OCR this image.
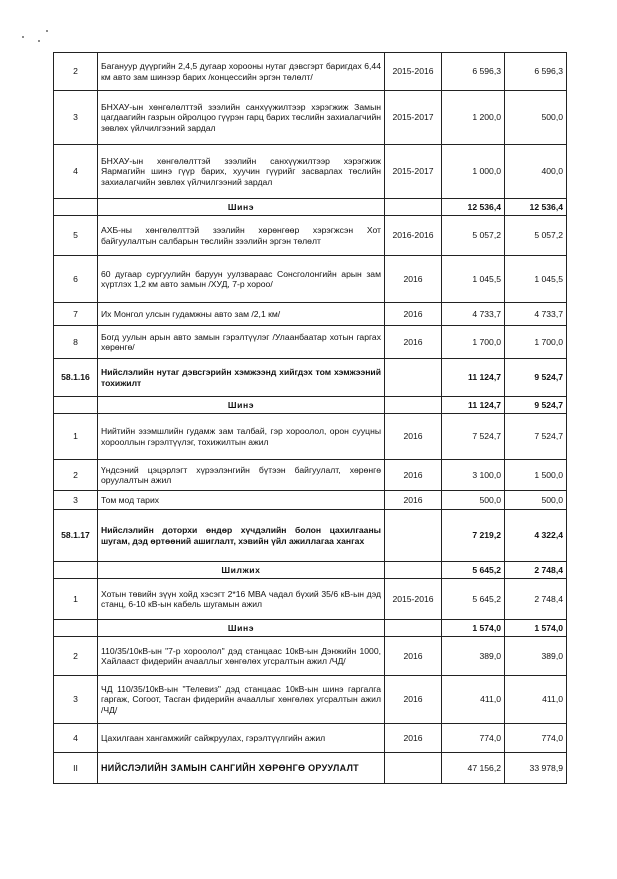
2	Багануур дүүргийн 2,4,5 дугаар хорооны нутаг дэвсгэрт баригдах 6,44 км авто зам шинээр барих /концессийн эргэн төлөлт/	2015-2016	6 596,3	6 596,3
3	БНХАУ-ын хөнгөлөлттэй зээлийн санхүүжилтээр хэрэгжиж Замын цагдаагийн газрын ойролцоо гүүрэн гарц барих төслийн захиалагчийн зөвлөх үйлчилгээний зардал	2015-2017	1 200,0	500,0
4	БНХАУ-ын хөнгөлөлттэй зээлийн санхүүжилтээр хэрэгжиж Яармагийн шинэ гүүр барих, хуучин гүүрийг засварлах төслийн захиалагчийн зөвлөх үйлчилгээний зардал	2015-2017	1 000,0	400,0
	Шинэ		12 536,4	12 536,4
5	АХБ-ны хөнгөлөлттэй зээлийн хөрөнгөөр хэрэгжсэн Хот байгуулалтын салбарын төслийн зээлийн эргэн төлөлт	2016-2016	5 057,2	5 057,2
6	60 дугаар сургуулийн баруун уулзвараас Сонсголонгийн арын зам хүртлэх 1,2 км авто замын /ХУД, 7-р хороо/	2016	1 045,5	1 045,5
7	Их Монгол улсын гудамжны авто зам /2,1 км/	2016	4 733,7	4 733,7
8	Богд уулын арын авто замын гэрэлтүүлэг /Улаанбаатар хотын гаргах хөрөнгө/	2016	1 700,0	1 700,0
58.1.16	Нийслэлийн нутаг дэвсгэрийн хэмжээнд хийгдэх том хэмжээний тохижилт		11 124,7	9 524,7
	Шинэ		11 124,7	9 524,7
1	Нийтийн эзэмшлийн гудамж зам талбай, гэр хороолол, орон сууцны хорооллын гэрэлтүүлэг, тохижилтын ажил	2016	7 524,7	7 524,7
2	Үндсэний цэцэрлэгт хүрээлэнгийн бүтээн байгуулалт, хөрөнгө оруулалтын ажил	2016	3 100,0	1 500,0
3	Том мод тарих	2016	500,0	500,0
58.1.17	Нийслэлийн доторхи өндөр хүчдэлийн болон цахилгааны шугам, дэд өртөөний ашиглалт, хэвийн үйл ажиллагаа хангах		7 219,2	4 322,4
	Шилжих		5 645,2	2 748,4
1	Хотын төвийн зүүн хойд хэсэгт 2*16 МВА чадал бүхий 35/6 кВ-ын дэд станц, 6-10 кВ-ын кабель шугамын ажил	2015-2016	5 645,2	2 748,4
	Шинэ		1 574,0	1 574,0
2	110/35/10кВ-ын "7-р хороолол" дэд станцаас 10кВ-ын Дэнжийн 1000, Хайлааст фидерийн ачааллыг хөнгөлөх угсралтын ажил /ЧД/	2016	389,0	389,0
3	ЧД 110/35/10кВ-ын "Телевиз" дэд станцаас 10кВ-ын шинэ гаргалга гаргаж, Согоот, Тасган фидерийн ачааллыг хөнгөлөх угсралтын ажил /ЧД/	2016	411,0	411,0
4	Цахилгаан хангамжийг сайжруулах, гэрэлтүүлгийн ажил	2016	774,0	774,0
II	НИЙСЛЭЛИЙН ЗАМЫН САНГИЙН ХӨРӨНГӨ ОРУУЛАЛТ		47 156,2	33 978,9
